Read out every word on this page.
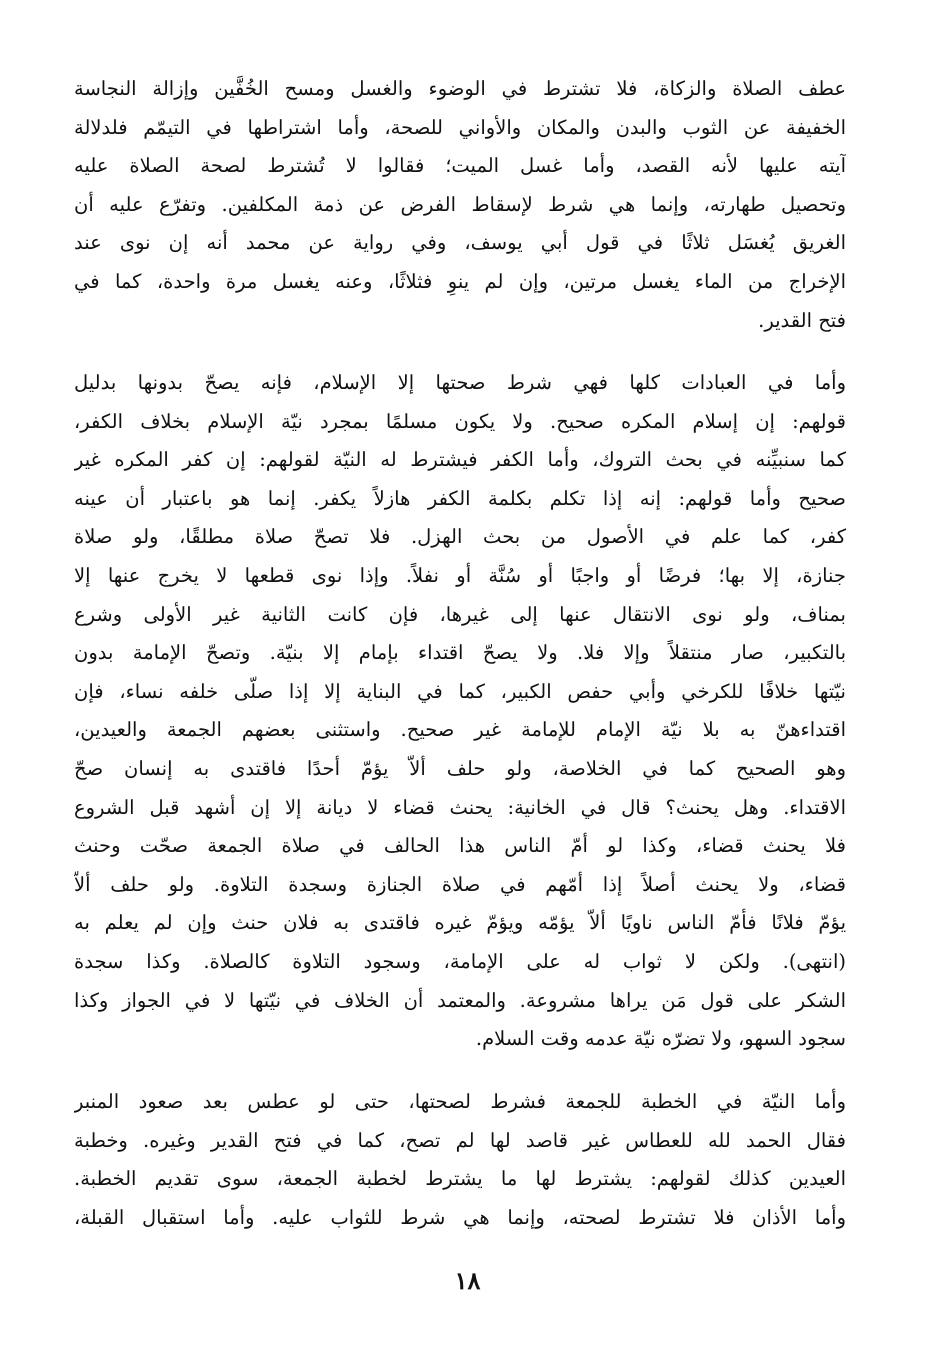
عطف الصلاة والزكاة، فلا تشترط في الوضوء والغسل ومسح الخُفَّين وإزالة النجاسة
الخفيفة عن الثوب والبدن والمكان والأواني للصحة، وأما اشتراطها في التيمّم فلدلالة
آيته عليها لأنه القصد، وأما غسل الميت؛ فقالوا لا تُشترط لصحة الصلاة عليه
وتحصيل طهارته، وإنما هي شرط لإسقاط الفرض عن ذمة المكلفين. وتفرّع عليه أن
الغريق يُغسَل ثلاثًا في قول أبي يوسف، وفي رواية عن محمد أنه إن نوى عند
الإخراج من الماء يغسل مرتين، وإن لم ينوِ فثلاثًا، وعنه يغسل مرة واحدة، كما في
فتح القدير.
وأما في العبادات كلها فهي شرط صحتها إلا الإسلام، فإنه يصحّ بدونها بدليل
قولهم: إن إسلام المكره صحيح. ولا يكون مسلمًا بمجرد نيّة الإسلام بخلاف الكفر،
كما سنبيِّنه في بحث التروك، وأما الكفر فيشترط له النيّة لقولهم: إن كفر المكره غير
صحيح وأما قولهم: إنه إذا تكلم بكلمة الكفر هازلاً يكفر. إنما هو باعتبار أن عينه
كفر، كما علم في الأصول من بحث الهزل. فلا تصحّ صلاة مطلقًا، ولو صلاة
جنازة، إلا بها؛ فرضًا أو واجبًا أو سُنَّة أو نفلاً. وإذا نوى قطعها لا يخرج عنها إلا
بمناف، ولو نوى الانتقال عنها إلى غيرها، فإن كانت الثانية غير الأولى وشرع
بالتكبير، صار منتقلاً وإلا فلا. ولا يصحّ اقتداء بإمام إلا بنيّة. وتصحّ الإمامة بدون
نيّتها خلافًا للكرخي وأبي حفص الكبير، كما في البناية إلا إذا صلّى خلفه نساء، فإن
اقتداءهنّ به بلا نيّة الإمام للإمامة غير صحيح. واستثنى بعضهم الجمعة والعيدين،
وهو الصحيح كما في الخلاصة، ولو حلف ألاّ يؤمّ أحدًا فاقتدى به إنسان صحّ
الاقتداء. وهل يحنث؟ قال في الخانية: يحنث قضاء لا ديانة إلا إن أشهد قبل الشروع
فلا يحنث قضاء، وكذا لو أمّ الناس هذا الحالف في صلاة الجمعة صحّت وحنث
قضاء، ولا يحنث أصلاً إذا أمّهم في صلاة الجنازة وسجدة التلاوة. ولو حلف ألاّ
يؤمّ فلانًا فأمّ الناس ناويًا ألاّ يؤمّه ويؤمّ غيره فاقتدى به فلان حنث وإن لم يعلم به
(انتهى). ولكن لا ثواب له على الإمامة، وسجود التلاوة كالصلاة. وكذا سجدة
الشكر على قول مَن يراها مشروعة. والمعتمد أن الخلاف في نيّتها لا في الجواز وكذا
سجود السهو، ولا تضرّه نيّة عدمه وقت السلام.
وأما النيّة في الخطبة للجمعة فشرط لصحتها، حتى لو عطس بعد صعود المنبر
فقال الحمد لله للعطاس غير قاصد لها لم تصح، كما في فتح القدير وغيره. وخطبة
العيدين كذلك لقولهم: يشترط لها ما يشترط لخطبة الجمعة، سوى تقديم الخطبة.
وأما الأذان فلا تشترط لصحته، وإنما هي شرط للثواب عليه. وأما استقبال القبلة،
١٨
